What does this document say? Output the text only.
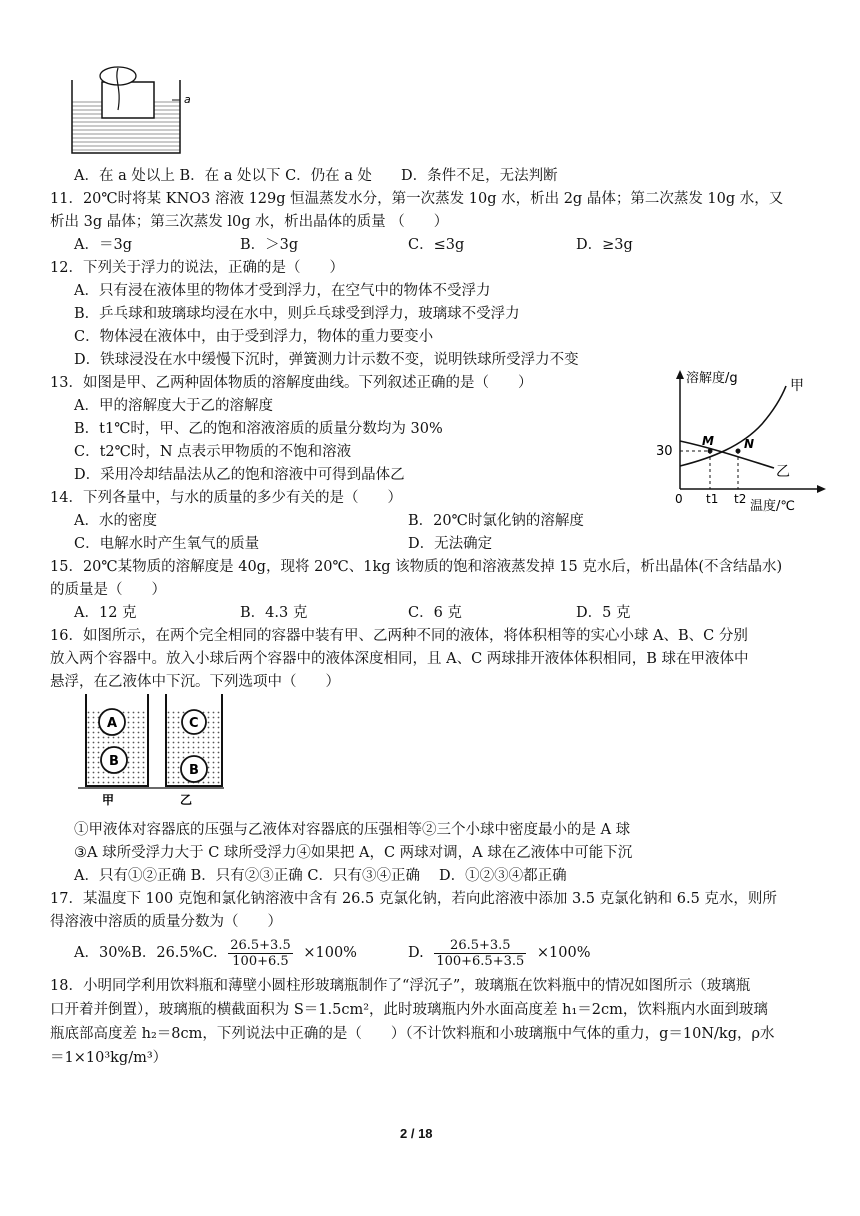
a
A．在 a 处以上 B．在 a 处以下 C．仍在 a 处　　D．条件不足，无法判断
11．20℃时将某 KNO3 溶液 129g 恒温蒸发水分，第一次蒸发 10g 水，析出 2g 晶体；第二次蒸发 10g 水，又
析出 3g 晶体；第三次蒸发 l0g 水，析出晶体的质量 （　　）
A．＝3g	B．＞3g	C．≤3g	D．≥3g
12．下列关于浮力的说法，正确的是（　　）
A．只有浸在液体里的物体才受到浮力，在空气中的物体不受浮力
B．乒乓球和玻璃球均浸在水中，则乒乓球受到浮力，玻璃球不受浮力
C．物体浸在液体中，由于受到浮力，物体的重力要变小
D．铁球浸没在水中缓慢下沉时，弹簧测力计示数不变，说明铁球所受浮力不变
13．如图是甲、乙两种固体物质的溶解度曲线。下列叙述正确的是（　　）
A．甲的溶解度大于乙的溶解度
B．t1℃时，甲、乙的饱和溶液溶质的质量分数均为 30%
C．t2℃时，N 点表示甲物质的不饱和溶液
D．采用冷却结晶法从乙的饱和溶液中可得到晶体乙
溶解度/g
温度/℃
30
0 t1 t2
M	N
甲
乙
14．下列各量中，与水的质量的多少有关的是（　　）
A．水的密度	B．20℃时氯化钠的溶解度
C．电解水时产生氧气的质量	D．无法确定
15．20℃某物质的溶解度是 40g，现将 20℃、1kg 该物质的饱和溶液蒸发掉 15 克水后，析出晶体(不含结晶水)
的质量是（　　）
A．12 克	B．4.3 克	C．6 克	D．5 克
16．如图所示，在两个完全相同的容器中装有甲、乙两种不同的液体，将体积相等的实心小球 A、B、C 分别
放入两个容器中。放入小球后两个容器中的液体深度相同，且 A、C 两球排开液体体积相同，B 球在甲液体中
悬浮，在乙液体中下沉。下列选项中（　　）
A
B
C
B
甲	乙
①甲液体对容器底的压强与乙液体对容器底的压强相等②三个小球中密度最小的是 A 球
③A 球所受浮力大于 C 球所受浮力④如果把 A，C 两球对调，A 球在乙液体中可能下沉
A．只有①②正确 B．只有②③正确 C．只有③④正确　 D．①②③④都正确
17．某温度下 100 克饱和氯化钠溶液中含有 26.5 克氯化钠，若向此溶液中添加 3.5 克氯化钠和 6.5 克水，则所
得溶液中溶质的质量分数为（　　）
A．30%B．26.5%C. $\frac{26.5+3.5}{100+6.5} \times 100\%$	D. $\frac{26.5+3.5}{100+6.5+3.5} \times 100\%$
18．小明同学利用饮料瓶和薄壁小圆柱形玻璃瓶制作了“浮沉子”，玻璃瓶在饮料瓶中的情况如图所示（玻璃瓶
口开着并倒置），玻璃瓶的横截面积为 S＝1.5cm²，此时玻璃瓶内外水面高度差 h₁＝2cm，饮料瓶内水面到玻璃
瓶底部高度差 h₂＝8cm，下列说法中正确的是（　　）（不计饮料瓶和小玻璃瓶中气体的重力，g＝10N/kg，ρ水
＝1×10³kg/m³）
2 / 18
